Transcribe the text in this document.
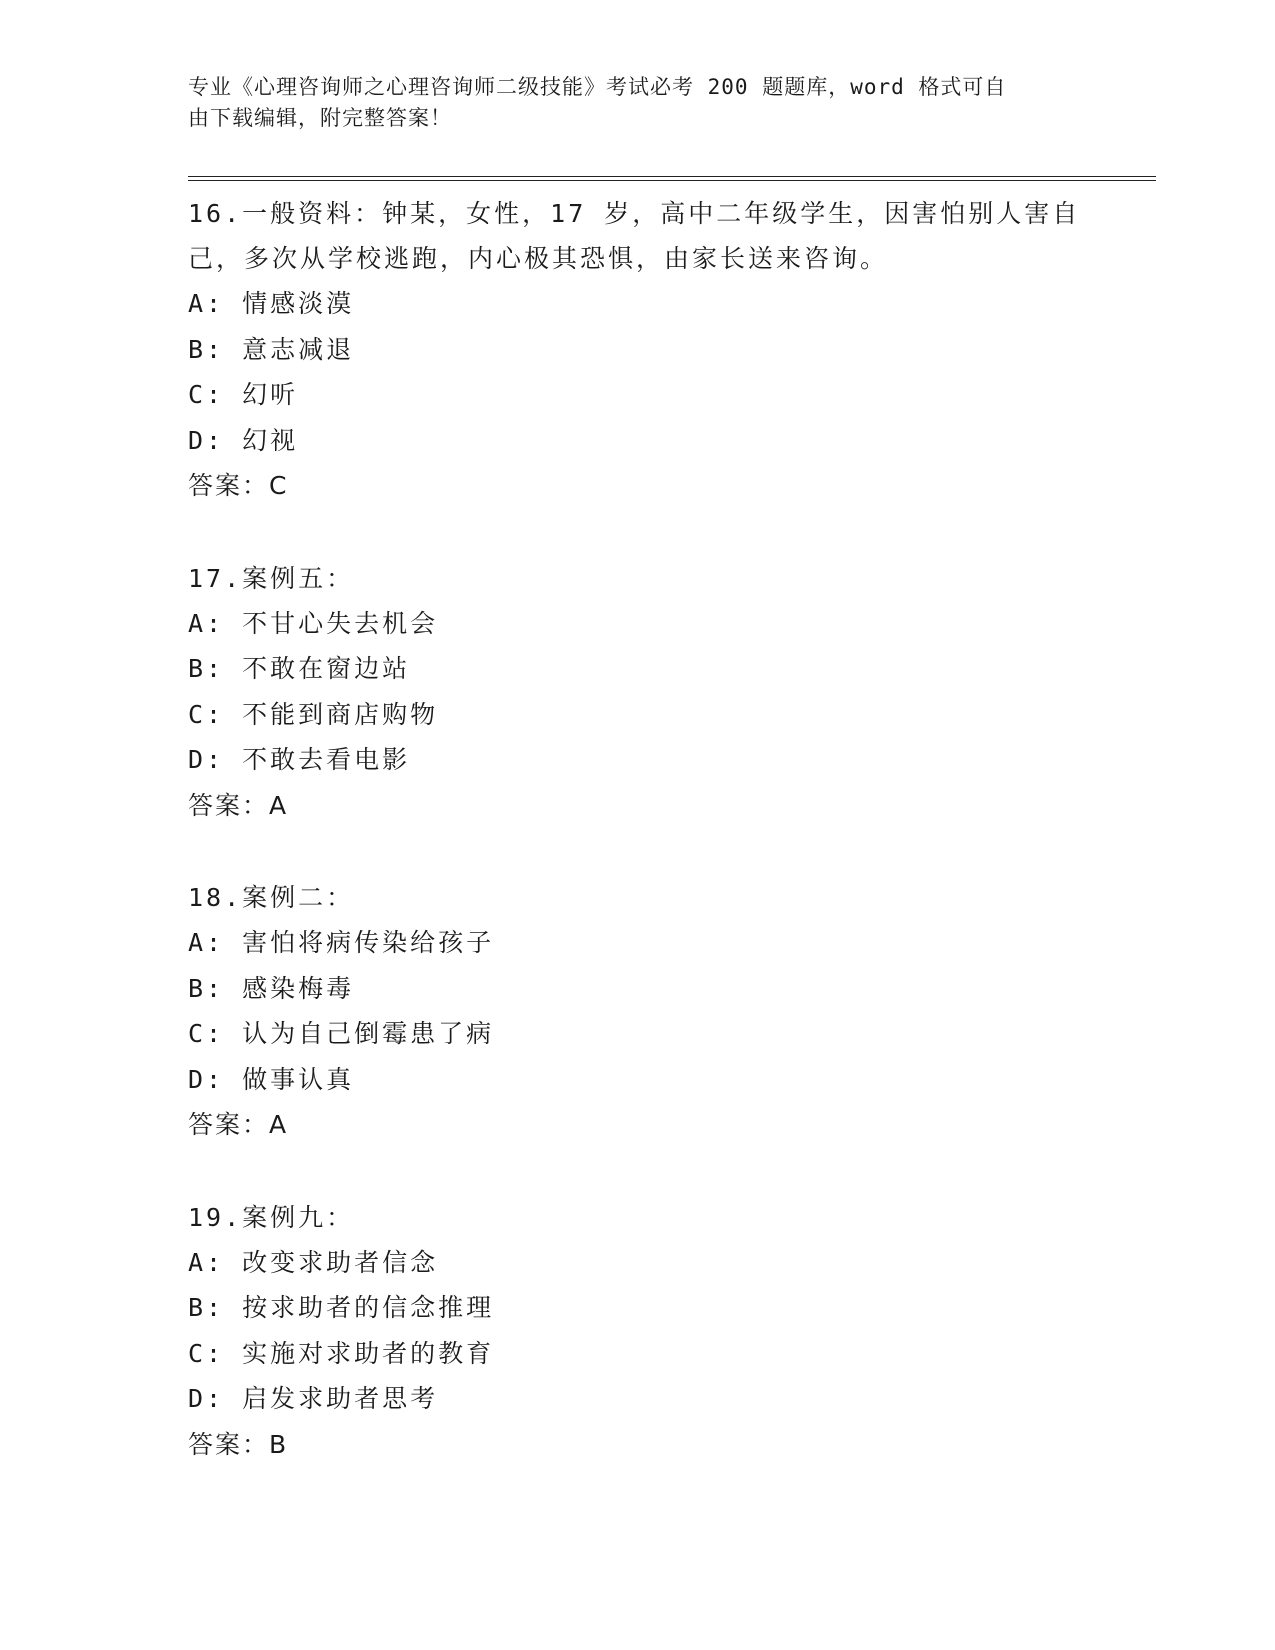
专业《心理咨询师之心理咨询师二级技能》考试必考 200 题题库，word 格式可自
由下载编辑，附完整答案！
16.一般资料：钟某，女性，17 岁，高中二年级学生，因害怕别人害自
己，多次从学校逃跑，内心极其恐惧，由家长送来咨询。
A: 情感淡漠
B: 意志减退
C: 幻听
D: 幻视
答案：C
17.案例五：
A: 不甘心失去机会
B: 不敢在窗边站
C: 不能到商店购物
D: 不敢去看电影
答案：A
18.案例二：
A: 害怕将病传染给孩子
B: 感染梅毒
C: 认为自己倒霉患了病
D: 做事认真
答案：A
19.案例九：
A: 改变求助者信念
B: 按求助者的信念推理
C: 实施对求助者的教育
D: 启发求助者思考
答案：B
